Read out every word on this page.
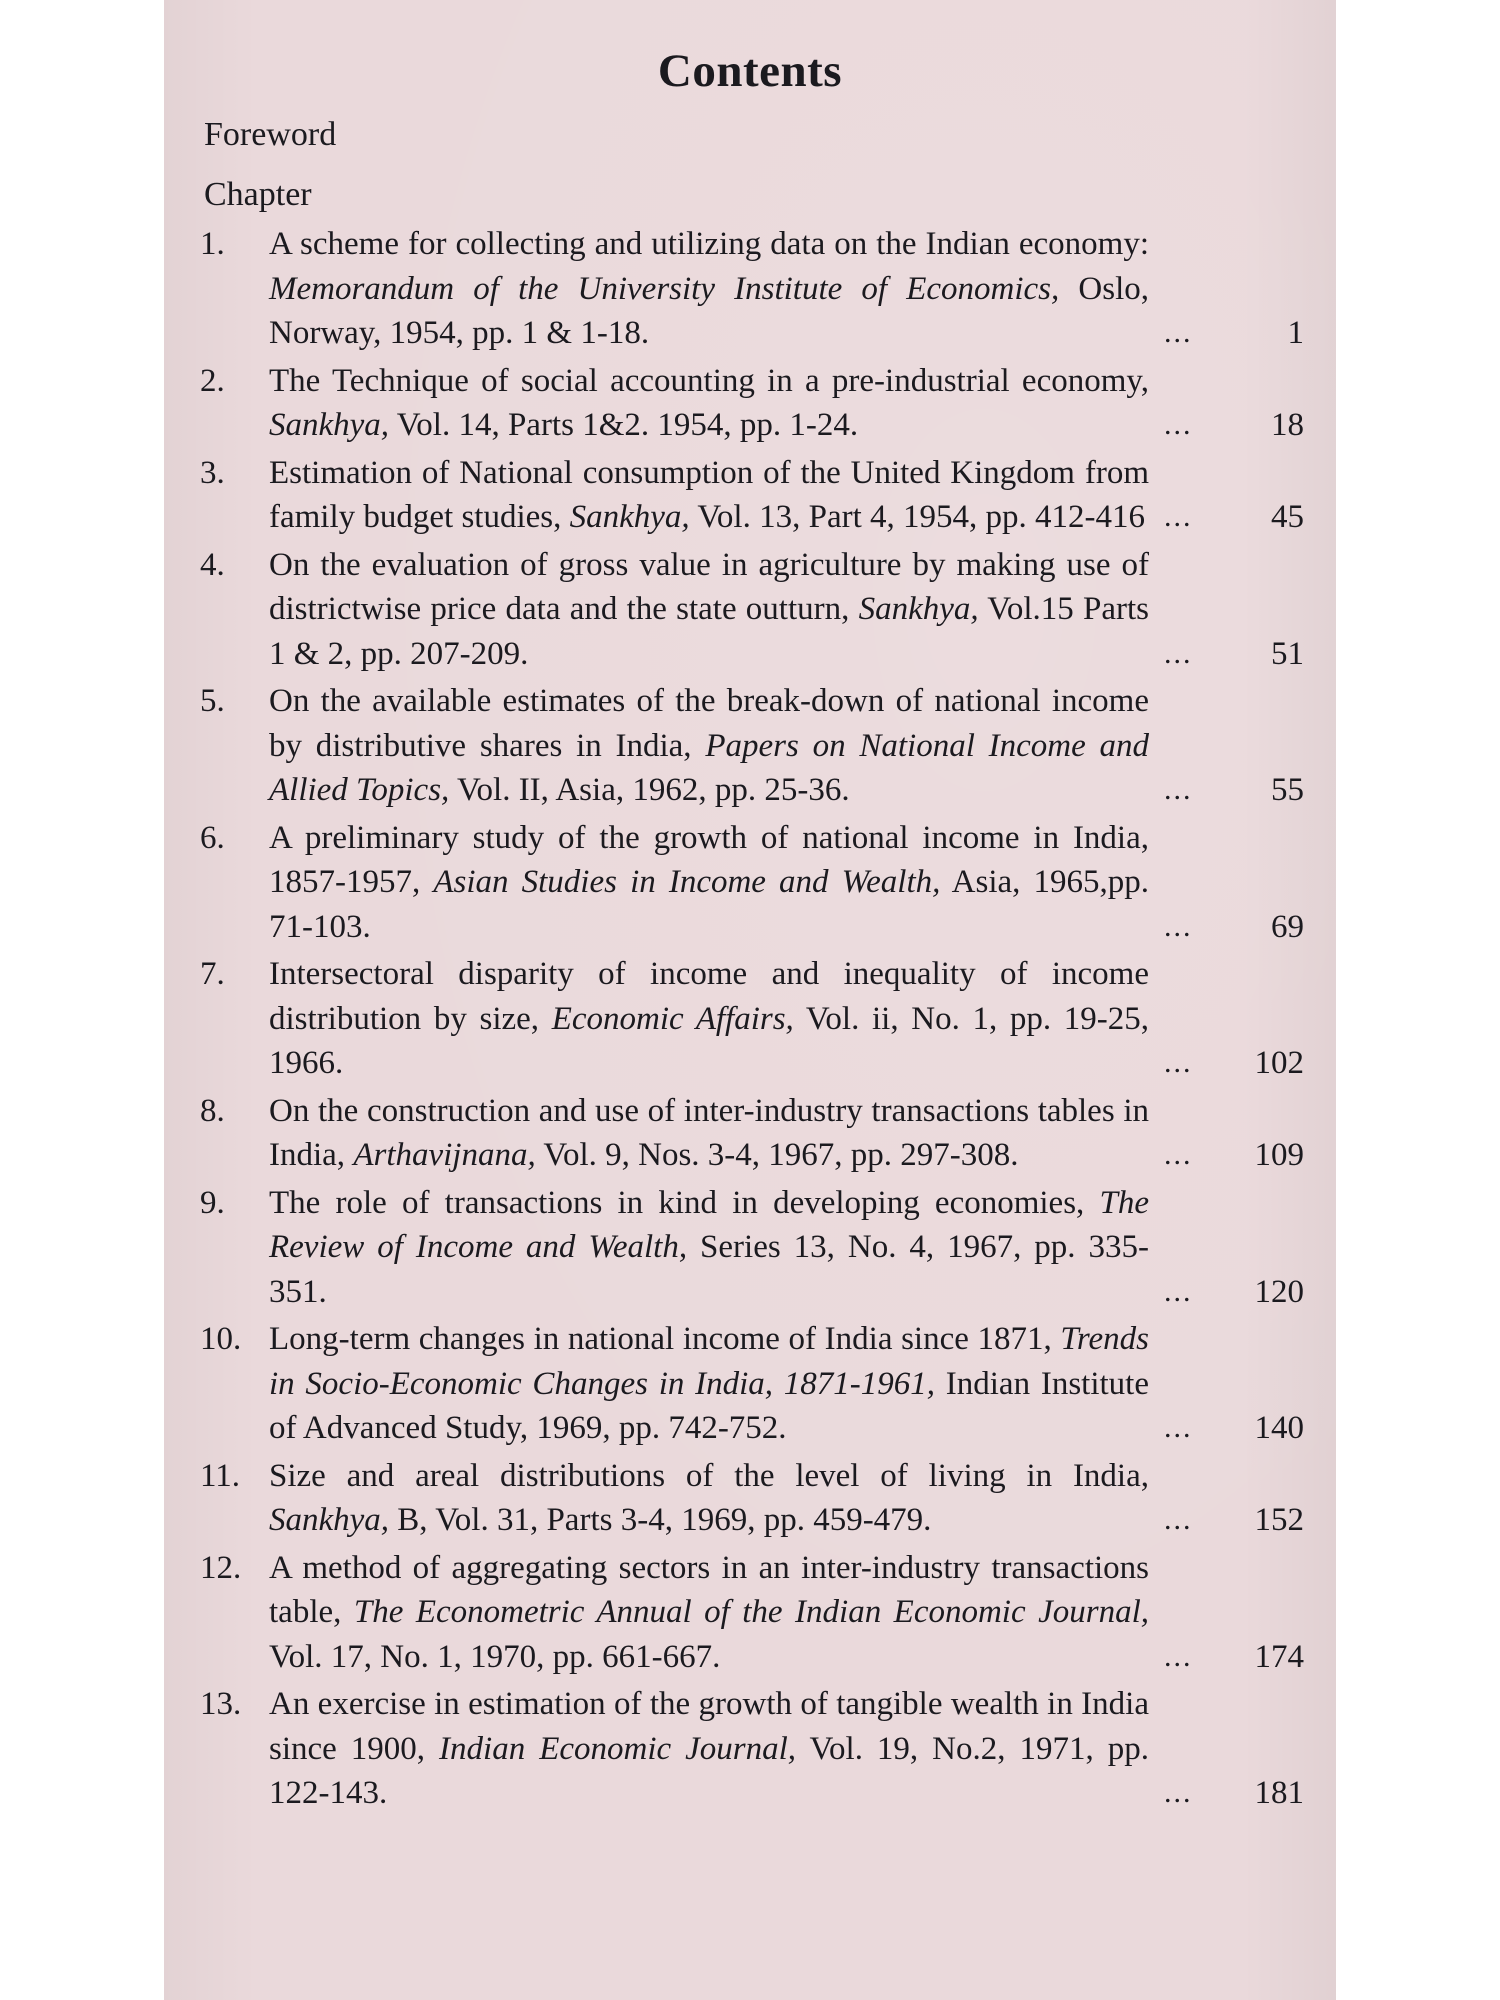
Contents
Foreword
Chapter
1.	A scheme for collecting and utilizing data on the Indian economy: Memorandum of the University Institute of Economics, Oslo, Norway, 1954, pp. 1 & 1-18.	...	1
2.	The Technique of social accounting in a pre-industrial economy, Sankhya, Vol. 14, Parts 1&2. 1954, pp. 1-24.	...	18
3.	Estimation of National consumption of the United Kingdom from family budget studies, Sankhya, Vol. 13, Part 4, 1954, pp. 412-416 ...	45
4.	On the evaluation of gross value in agriculture by making use of districtwise price data and the state outturn, Sankhya, Vol.15 Parts 1 & 2, pp. 207-209.	...	51
5.	On the available estimates of the break-down of national income by distributive shares in India, Papers on National Income and Allied Topics, Vol. II, Asia, 1962, pp. 25-36.	...	55
6.	A preliminary study of the growth of national income in India, 1857-1957, Asian Studies in Income and Wealth, Asia, 1965,pp. 71-103.	...	69
7.	Intersectoral disparity of income and inequality of income distribution by size, Economic Affairs, Vol. ii, No. 1, pp. 19-25, 1966.	...	102
8.	On the construction and use of inter-industry transactions tables in India, Arthavijnana, Vol. 9, Nos. 3-4, 1967, pp. 297-308.	...	109
9.	The role of transactions in kind in developing economies, The Review of Income and Wealth, Series 13, No. 4, 1967, pp. 335-351.	...	120
10. Long-term changes in national income of India since 1871, Trends in Socio-Economic Changes in India, 1871-1961, Indian Institute of Advanced Study, 1969, pp. 742-752.	...	140
11. Size and areal distributions of the level of living in India, Sankhya, B, Vol. 31, Parts 3-4, 1969, pp. 459-479.	...	152
12. A method of aggregating sectors in an inter-industry transactions table, The Econometric Annual of the Indian Economic Journal, Vol. 17, No. 1, 1970, pp. 661-667.	...	174
13. An exercise in estimation of the growth of tangible wealth in India since 1900, Indian Economic Journal, Vol. 19, No.2, 1971, pp. 122-143.	...	181
